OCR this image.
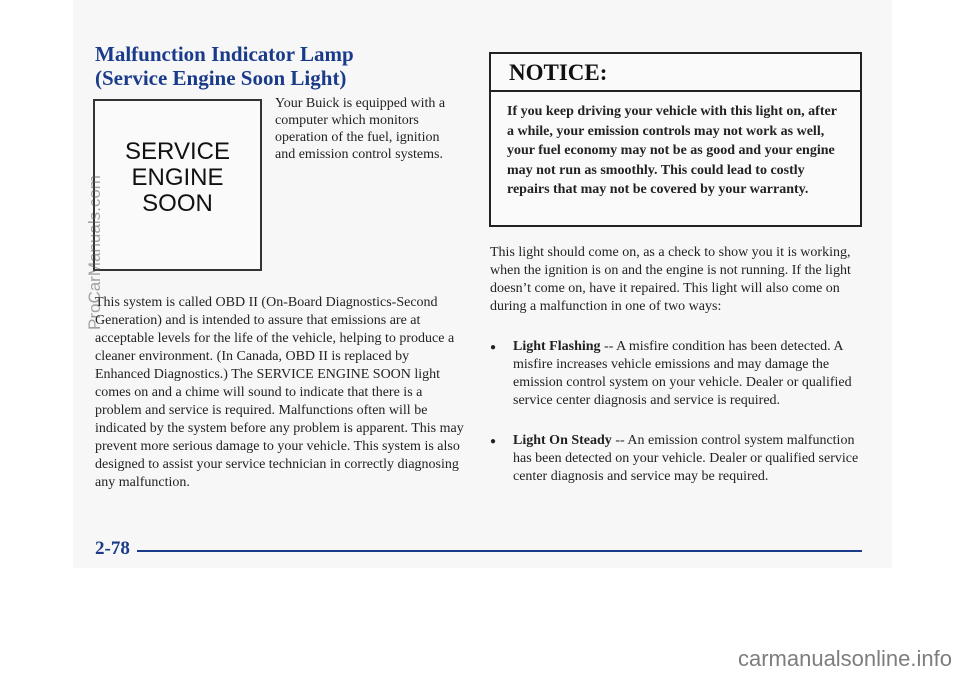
Malfunction Indicator Lamp
(Service Engine Soon Light)
SERVICE
ENGINE
SOON

Your Buick is equipped with a computer which monitors operation of the fuel, ignition and emission control systems.

This system is called OBD II (On-Board Diagnostics-Second Generation) and is intended to assure that emissions are at acceptable levels for the life of the vehicle, helping to produce a cleaner environment. (In Canada, OBD II is replaced by Enhanced Diagnostics.) The SERVICE ENGINE SOON light comes on and a chime will sound to indicate that there is a problem and service is required. Malfunctions often will be indicated by the system before any problem is apparent. This may prevent more serious damage to your vehicle. This system is also designed to assist your service technician in correctly diagnosing any malfunction.

NOTICE:
If you keep driving your vehicle with this light on, after a while, your emission controls may not work as well, your fuel economy may not be as good and your engine may not run as smoothly. This could lead to costly repairs that may not be covered by your warranty.

This light should come on, as a check to show you it is working, when the ignition is on and the engine is not running. If the light doesn’t come on, have it repaired. This light will also come on during a malfunction in one of two ways:

● Light Flashing -- A misfire condition has been detected. A misfire increases vehicle emissions and may damage the emission control system on your vehicle. Dealer or qualified service center diagnosis and service is required.
● Light On Steady -- An emission control system malfunction has been detected on your vehicle. Dealer or qualified service center diagnosis and service may be required.
2-78
ProCarManuals.com
carmanualsonline.info
